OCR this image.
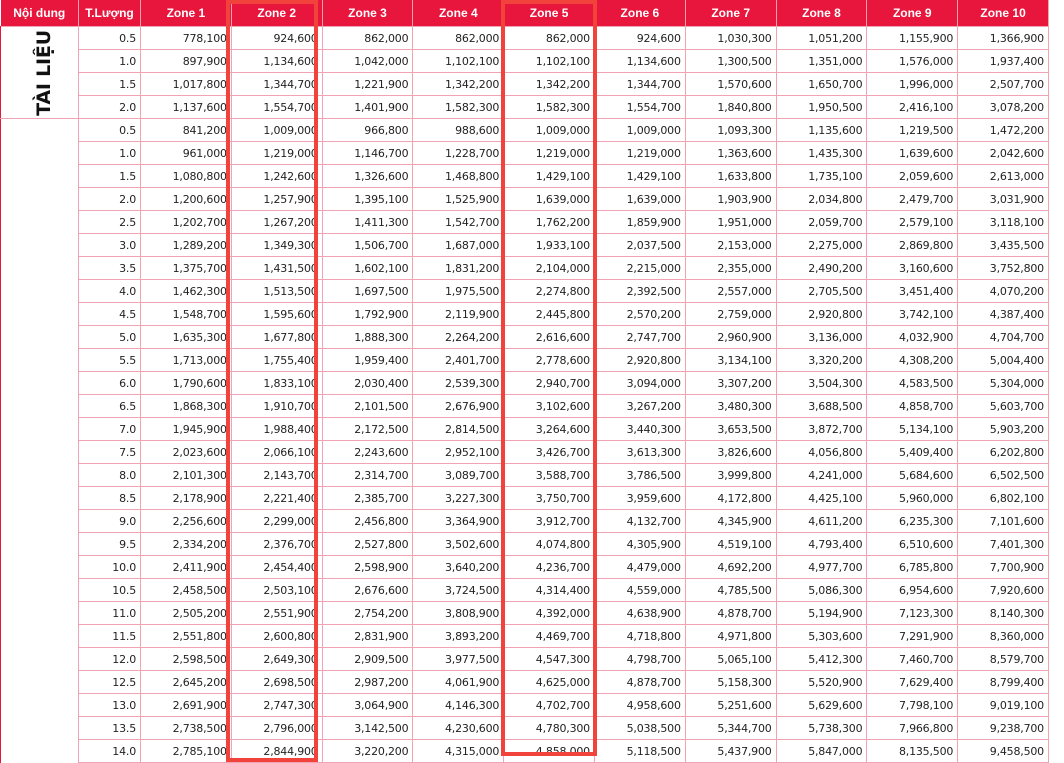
Nội dung	T.Lượng	Zone 1	Zone 2	Zone 3	Zone 4	Zone 5	Zone 6	Zone 7	Zone 8	Zone 9	Zone 10
TÀI LIỆU	0.5	778,100	924,600	862,000	862,000	862,000	924,600	1,030,300	1,051,200	1,155,900	1,366,900
	1.0	897,900	1,134,600	1,042,000	1,102,100	1,102,100	1,134,600	1,300,500	1,351,000	1,576,000	1,937,400
	1.5	1,017,800	1,344,700	1,221,900	1,342,200	1,342,200	1,344,700	1,570,600	1,650,700	1,996,000	2,507,700
	2.0	1,137,600	1,554,700	1,401,900	1,582,300	1,582,300	1,554,700	1,840,800	1,950,500	2,416,100	3,078,200
	0.5	841,200	1,009,000	966,800	988,600	1,009,000	1,009,000	1,093,300	1,135,600	1,219,500	1,472,200
	1.0	961,000	1,219,000	1,146,700	1,228,700	1,219,000	1,219,000	1,363,600	1,435,300	1,639,600	2,042,600
	1.5	1,080,800	1,242,600	1,326,600	1,468,800	1,429,100	1,429,100	1,633,800	1,735,100	2,059,600	2,613,000
	2.0	1,200,600	1,257,900	1,395,100	1,525,900	1,639,000	1,639,000	1,903,900	2,034,800	2,479,700	3,031,900
	2.5	1,202,700	1,267,200	1,411,300	1,542,700	1,762,200	1,859,900	1,951,000	2,059,700	2,579,100	3,118,100
	3.0	1,289,200	1,349,300	1,506,700	1,687,000	1,933,100	2,037,500	2,153,000	2,275,000	2,869,800	3,435,500
	3.5	1,375,700	1,431,500	1,602,100	1,831,200	2,104,000	2,215,000	2,355,000	2,490,200	3,160,600	3,752,800
	4.0	1,462,300	1,513,500	1,697,500	1,975,500	2,274,800	2,392,500	2,557,000	2,705,500	3,451,400	4,070,200
	4.5	1,548,700	1,595,600	1,792,900	2,119,900	2,445,800	2,570,200	2,759,000	2,920,800	3,742,100	4,387,400
	5.0	1,635,300	1,677,800	1,888,300	2,264,200	2,616,600	2,747,700	2,960,900	3,136,000	4,032,900	4,704,700
	5.5	1,713,000	1,755,400	1,959,400	2,401,700	2,778,600	2,920,800	3,134,100	3,320,200	4,308,200	5,004,400
	6.0	1,790,600	1,833,100	2,030,400	2,539,300	2,940,700	3,094,000	3,307,200	3,504,300	4,583,500	5,304,000
	6.5	1,868,300	1,910,700	2,101,500	2,676,900	3,102,600	3,267,200	3,480,300	3,688,500	4,858,700	5,603,700
	7.0	1,945,900	1,988,400	2,172,500	2,814,500	3,264,600	3,440,300	3,653,500	3,872,700	5,134,100	5,903,200
	7.5	2,023,600	2,066,100	2,243,600	2,952,100	3,426,700	3,613,300	3,826,600	4,056,800	5,409,400	6,202,800
	8.0	2,101,300	2,143,700	2,314,700	3,089,700	3,588,700	3,786,500	3,999,800	4,241,000	5,684,600	6,502,500
	8.5	2,178,900	2,221,400	2,385,700	3,227,300	3,750,700	3,959,600	4,172,800	4,425,100	5,960,000	6,802,100
	9.0	2,256,600	2,299,000	2,456,800	3,364,900	3,912,700	4,132,700	4,345,900	4,611,200	6,235,300	7,101,600
	9.5	2,334,200	2,376,700	2,527,800	3,502,600	4,074,800	4,305,900	4,519,100	4,793,400	6,510,600	7,401,300
	10.0	2,411,900	2,454,400	2,598,900	3,640,200	4,236,700	4,479,000	4,692,200	4,977,700	6,785,800	7,700,900
	10.5	2,458,500	2,503,100	2,676,600	3,724,500	4,314,400	4,559,000	4,785,500	5,086,300	6,954,600	7,920,600
	11.0	2,505,200	2,551,900	2,754,200	3,808,900	4,392,000	4,638,900	4,878,700	5,194,900	7,123,300	8,140,300
	11.5	2,551,800	2,600,800	2,831,900	3,893,200	4,469,700	4,718,800	4,971,800	5,303,600	7,291,900	8,360,000
	12.0	2,598,500	2,649,300	2,909,500	3,977,500	4,547,300	4,798,700	5,065,100	5,412,300	7,460,700	8,579,700
	12.5	2,645,200	2,698,500	2,987,200	4,061,900	4,625,000	4,878,700	5,158,300	5,520,900	7,629,400	8,799,400
	13.0	2,691,900	2,747,300	3,064,900	4,146,300	4,702,700	4,958,600	5,251,600	5,629,600	7,798,100	9,019,100
	13.5	2,738,500	2,796,000	3,142,500	4,230,600	4,780,300	5,038,500	5,344,700	5,738,300	7,966,800	9,238,700
	14.0	2,785,100	2,844,900	3,220,200	4,315,000	4,858,000	5,118,500	5,437,900	5,847,000	8,135,500	9,458,500
